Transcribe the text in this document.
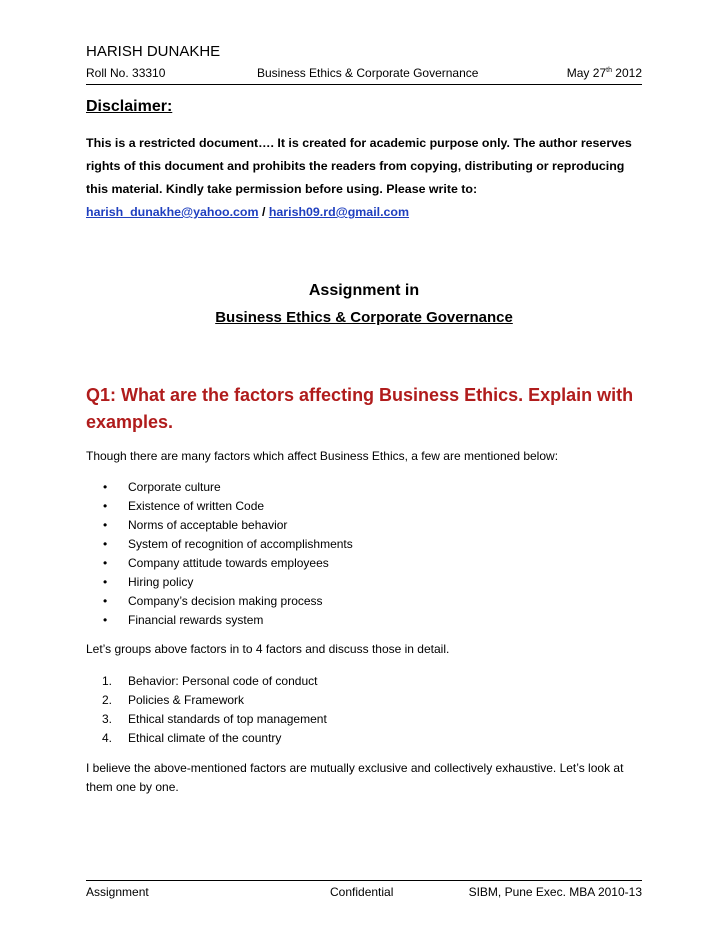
HARISH DUNAKHE
Roll No. 33310	Business Ethics & Corporate Governance	May 27th 2012
Disclaimer:
This is a restricted document…. It is created for academic purpose only. The author reserves rights of this document and prohibits the readers from copying, distributing or reproducing this material. Kindly take permission before using. Please write to:
harish_dunakhe@yahoo.com / harish09.rd@gmail.com
Assignment in
Business Ethics & Corporate Governance
Q1: What are the factors affecting Business Ethics. Explain with examples.
Though there are many factors which affect Business Ethics, a few are mentioned below:
• Corporate culture
• Existence of written Code
• Norms of acceptable behavior
• System of recognition of accomplishments
• Company attitude towards employees
• Hiring policy
• Company’s decision making process
• Financial rewards system
Let’s groups above factors in to 4 factors and discuss those in detail.
1. Behavior: Personal code of conduct
2. Policies & Framework
3. Ethical standards of top management
4. Ethical climate of the country
I believe the above-mentioned factors are mutually exclusive and collectively exhaustive. Let’s look at them one by one.
Assignment	Confidential	SIBM, Pune Exec. MBA 2010-13
